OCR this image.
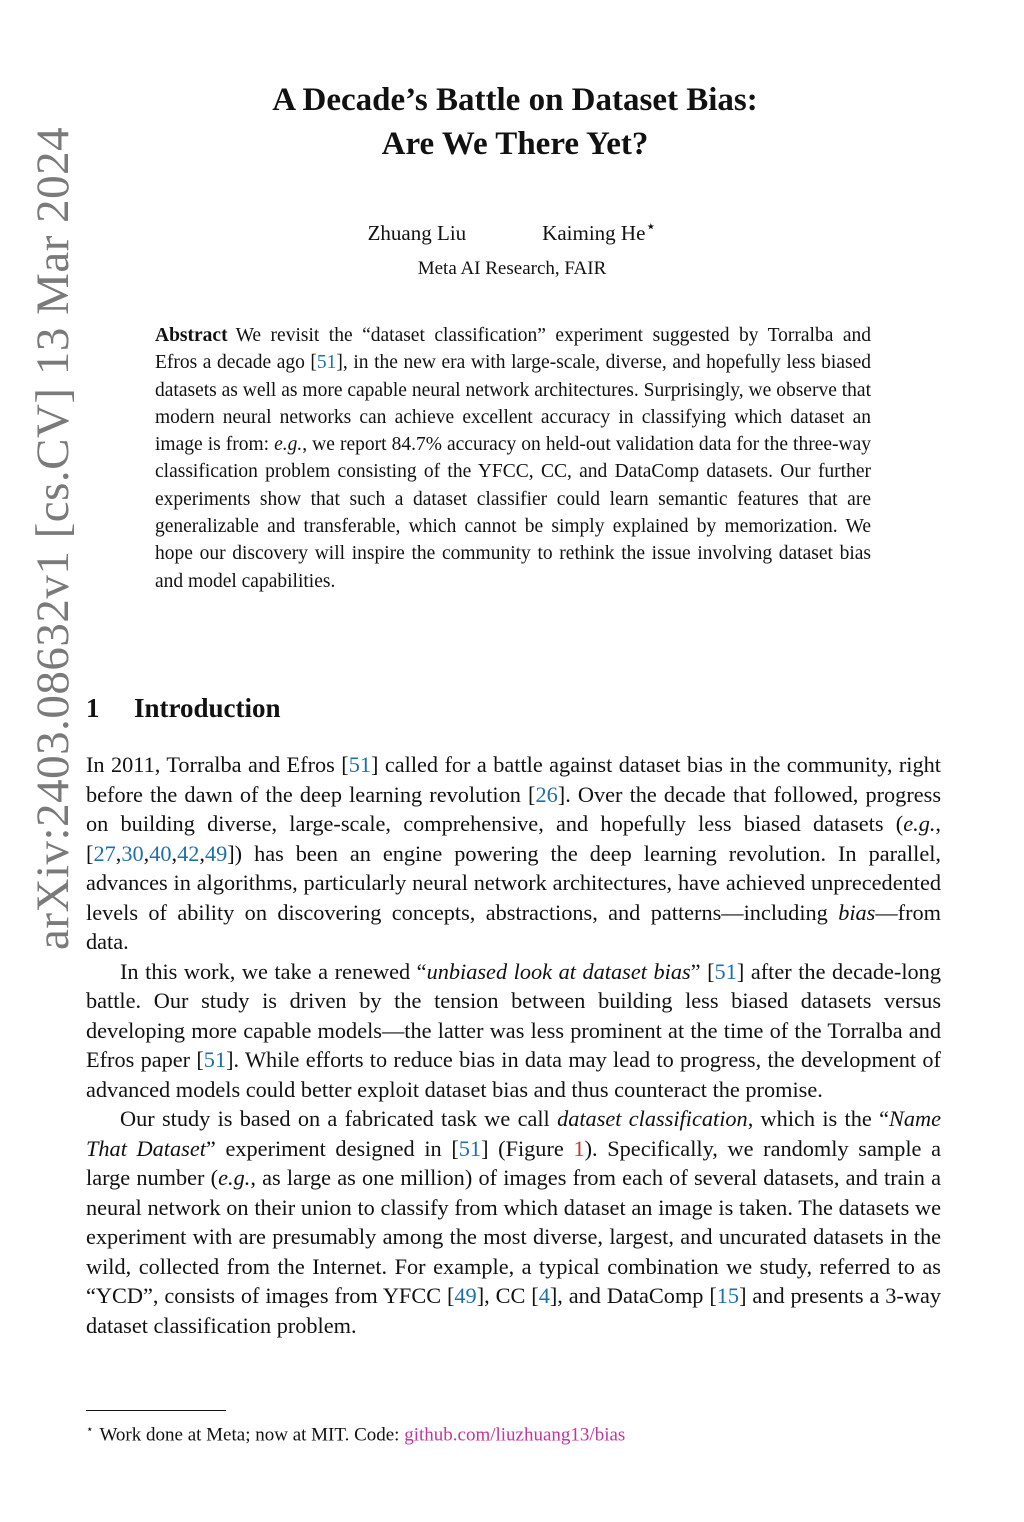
arXiv:2403.08632v1 [cs.CV] 13 Mar 2024
A Decade’s Battle on Dataset Bias:
Are We There Yet?
Zhuang Liu	Kaiming He⋆
Meta AI Research, FAIR

Abstract We revisit the “dataset classification” experiment suggested by Torralba and Efros a decade ago [51], in the new era with large-scale, diverse, and hopefully less biased datasets as well as more capable neural network architectures. Surprisingly, we observe that modern neural networks can achieve excellent accuracy in classifying which dataset an image is from: e.g., we report 84.7% accuracy on held-out validation data for the three-way classification problem consisting of the YFCC, CC, and DataComp datasets. Our further experiments show that such a dataset classifier could learn semantic features that are generalizable and transferable, which cannot be simply explained by memorization. We hope our discovery will inspire the community to rethink the issue involving dataset bias and model capabilities.

1 Introduction

In 2011, Torralba and Efros [51] called for a battle against dataset bias in the community, right before the dawn of the deep learning revolution [26]. Over the decade that followed, progress on building diverse, large-scale, comprehensive, and hopefully less biased datasets (e.g., [27,30,40,42,49]) has been an engine powering the deep learning revolution. In parallel, advances in algorithms, particularly neural network architectures, have achieved unprecedented levels of ability on discovering concepts, abstractions, and patterns—including bias—from data.

In this work, we take a renewed “unbiased look at dataset bias” [51] after the decade-long battle. Our study is driven by the tension between building less biased datasets versus developing more capable models—the latter was less prominent at the time of the Torralba and Efros paper [51]. While efforts to reduce bias in data may lead to progress, the development of advanced models could better exploit dataset bias and thus counteract the promise.

Our study is based on a fabricated task we call dataset classification, which is the “Name That Dataset” experiment designed in [51] (Figure 1). Specifically, we randomly sample a large number (e.g., as large as one million) of images from each of several datasets, and train a neural network on their union to classify from which dataset an image is taken. The datasets we experiment with are presumably among the most diverse, largest, and uncurated datasets in the wild, collected from the Internet. For example, a typical combination we study, referred to as “YCD”, consists of images from YFCC [49], CC [4], and DataComp [15] and presents a 3-way dataset classification problem.

⋆ Work done at Meta; now at MIT. Code: github.com/liuzhuang13/bias
